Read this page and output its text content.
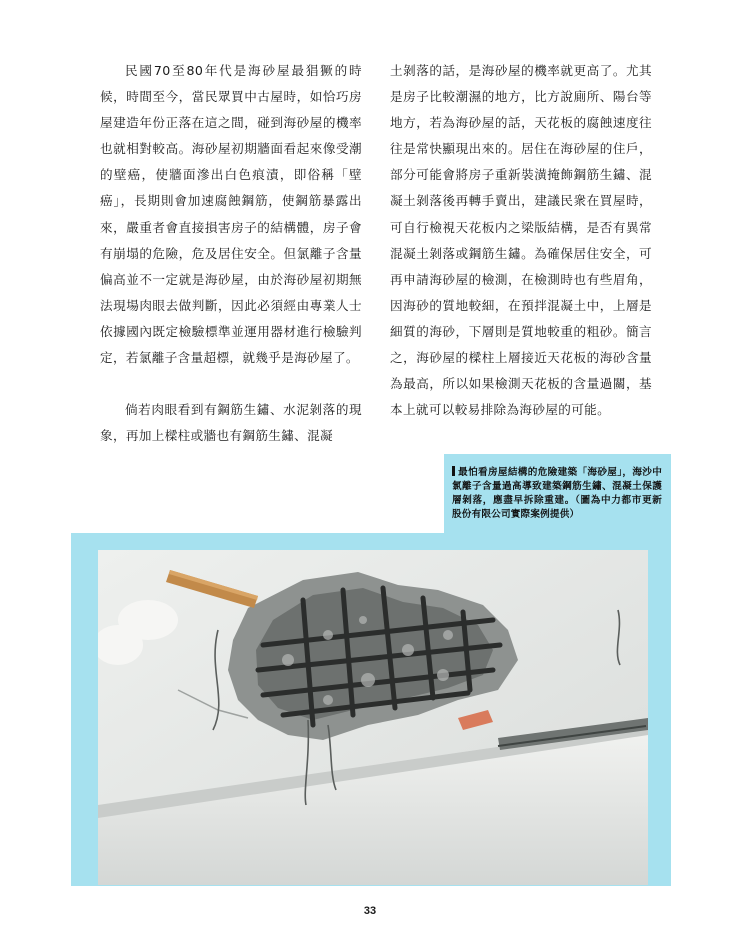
民國70至80年代是海砂屋最猖獗的時候，時間至今，當民眾買中古屋時，如恰巧房屋建造年份正落在這之間，碰到海砂屋的機率也就相對較高。海砂屋初期牆面看起來像受潮的壁癌，使牆面滲出白色痕漬，即俗稱「壁癌」，長期則會加速腐蝕鋼筋，使鋼筋暴露出來，嚴重者會直接損害房子的結構體，房子會有崩塌的危險，危及居住安全。但氯離子含量偏高並不一定就是海砂屋，由於海砂屋初期無法現場肉眼去做判斷，因此必須經由專業人士依據國內既定檢驗標準並運用器材進行檢驗判定，若氯離子含量超標，就幾乎是海砂屋了。

倘若肉眼看到有鋼筋生鏽、水泥剝落的現象，再加上樑柱或牆也有鋼筋生鏽、混凝

土剝落的話，是海砂屋的機率就更高了。尤其是房子比較潮濕的地方，比方說廁所、陽台等地方，若為海砂屋的話，天花板的腐蝕速度往往是常快顯現出來的。居住在海砂屋的住戶，部分可能會將房子重新裝潢掩飾鋼筋生鏽、混凝土剝落後再轉手賣出，建議民衆在買屋時，可自行檢視天花板内之梁版結構，是否有異常混凝土剝落或鋼筋生鏽。為確保居住安全，可再申請海砂屋的檢測，在檢測時也有些眉角，因海砂的質地較細，在預拌混凝土中，上層是細質的海砂，下層則是質地較重的粗砂。簡言之，海砂屋的樑柱上層接近天花板的海砂含量為最高，所以如果檢測天花板的含量過關，基本上就可以較易排除為海砂屋的可能。

最怕看房屋結構的危險建築「海砂屋」，海沙中氯離子含量過高導致建築鋼筋生鏽、混凝土保護層剝落，應盡早拆除重建。（圖為中力都市更新股份有限公司實際案例提供）
33
